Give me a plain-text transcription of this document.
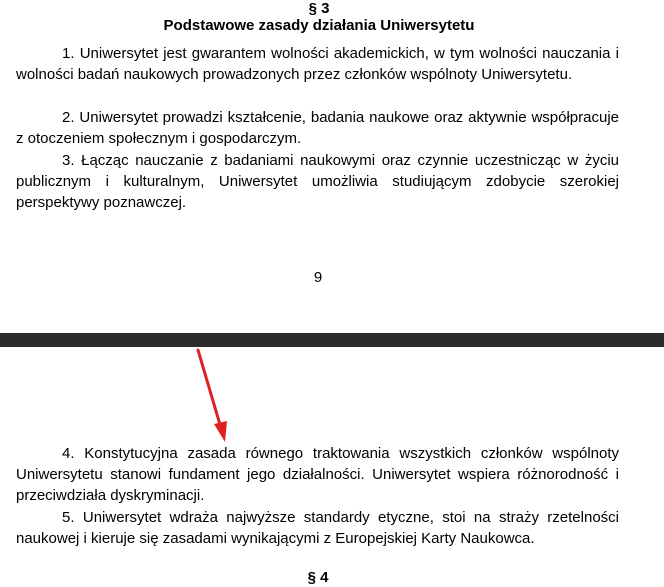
§ 3
Podstawowe zasady działania Uniwersytetu

1. Uniwersytet jest gwarantem wolności akademickich, w tym wolności nauczania i wolności badań naukowych prowadzonych przez członków wspólnoty Uniwersytetu.

2. Uniwersytet prowadzi kształcenie, badania naukowe oraz aktywnie współpracuje z otoczeniem społecznym i gospodarczym.

3. Łącząc nauczanie z badaniami naukowymi oraz czynnie uczestnicząc w życiu publicznym i kulturalnym, Uniwersytet umożliwia studiującym zdobycie szerokiej perspektywy poznawczej.

9

4. Konstytucyjna zasada równego traktowania wszystkich członków wspólnoty Uniwersytetu stanowi fundament jego działalności. Uniwersytet wspiera różnorodność i przeciwdziała dyskryminacji.

5. Uniwersytet wdraża najwyższe standardy etyczne, stoi na straży rzetelności naukowej i kieruje się zasadami wynikającymi z Europejskiej Karty Naukowca.

§ 4
